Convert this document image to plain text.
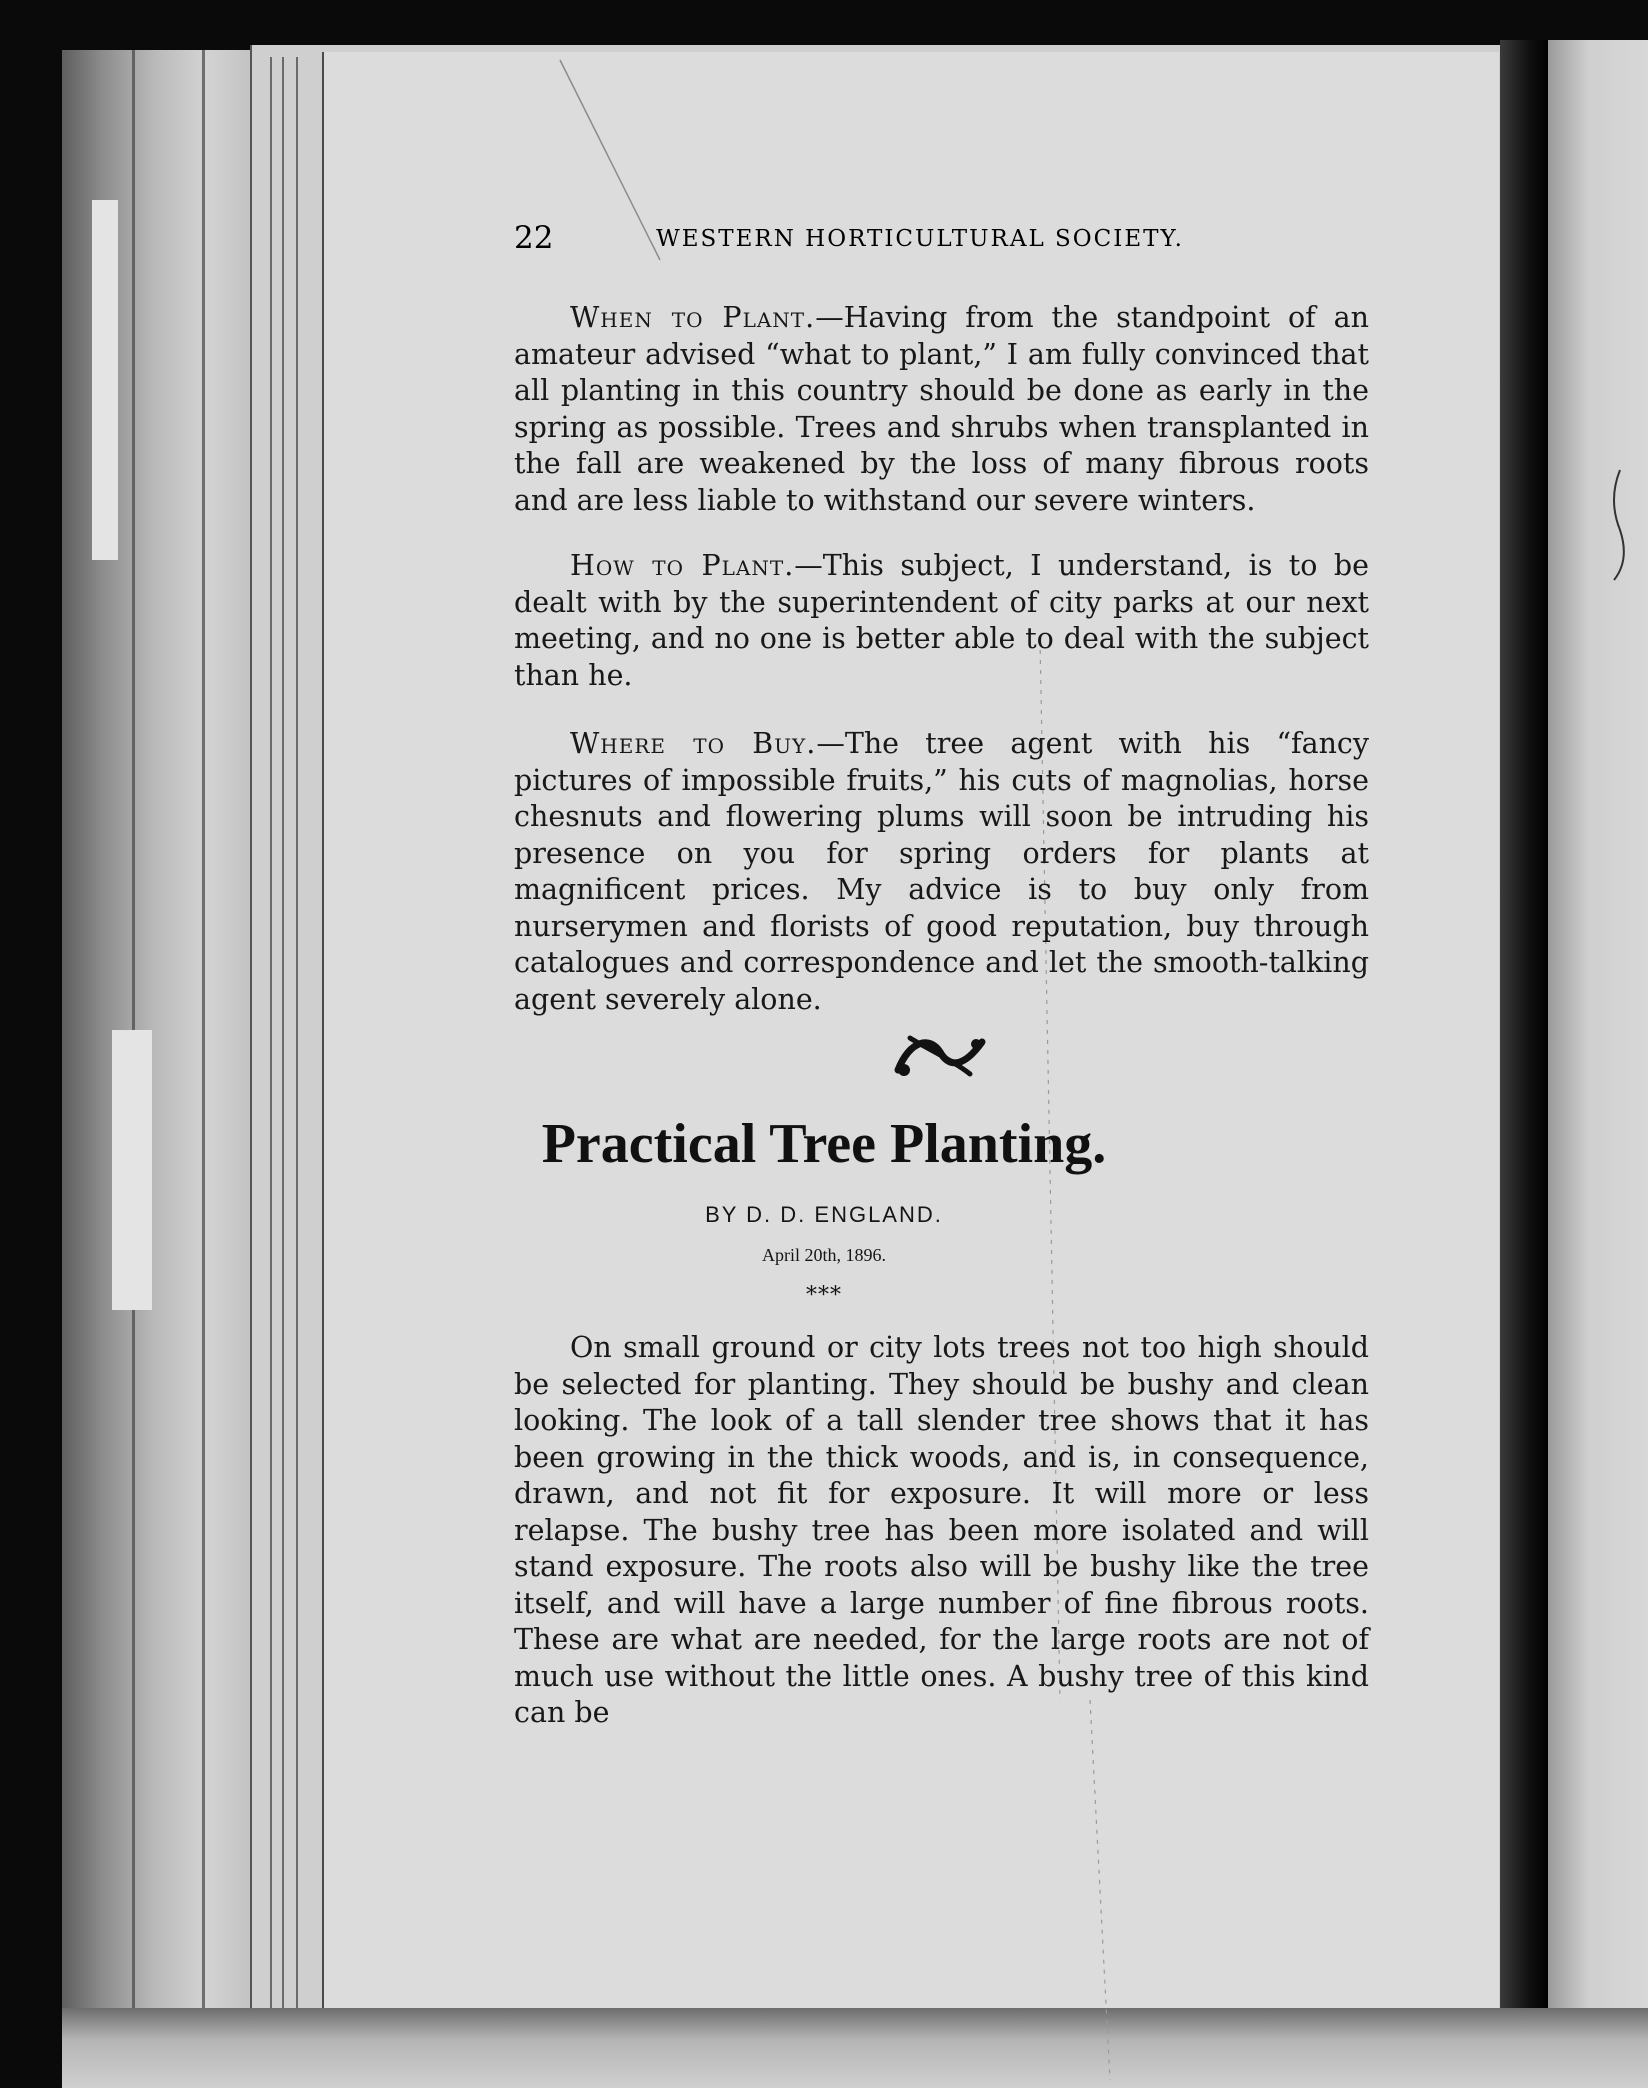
22	WESTERN HORTICULTURAL SOCIETY.

When to Plant.—Having from the standpoint of an amateur advised “what to plant,” I am fully convinced that all planting in this country should be done as early in the spring as possible. Trees and shrubs when transplanted in the fall are weakened by the loss of many fibrous roots and are less liable to withstand our severe winters.

How to Plant.—This subject, I understand, is to be dealt with by the superintendent of city parks at our next meeting, and no one is better able to deal with the subject than he.

Where to Buy.—The tree agent with his “fancy pictures of impossible fruits,” his cuts of magnolias, horse chesnuts and flowering plums will soon be intruding his presence on you for spring orders for plants at magnificent prices. My advice is to buy only from nurserymen and florists of good reputation, buy through catalogues and correspondence and let the smooth-talking agent severely alone.

Practical Tree Planting.
BY D. D. ENGLAND.
April 20th, 1896.
***

On small ground or city lots trees not too high should be selected for planting. They should be bushy and clean looking. The look of a tall slender tree shows that it has been growing in the thick woods, and is, in consequence, drawn, and not fit for exposure. It will more or less relapse. The bushy tree has been more isolated and will stand exposure. The roots also will be bushy like the tree itself, and will have a large number of fine fibrous roots. These are what are needed, for the large roots are not of much use without the little ones. A bushy tree of this kind can be
